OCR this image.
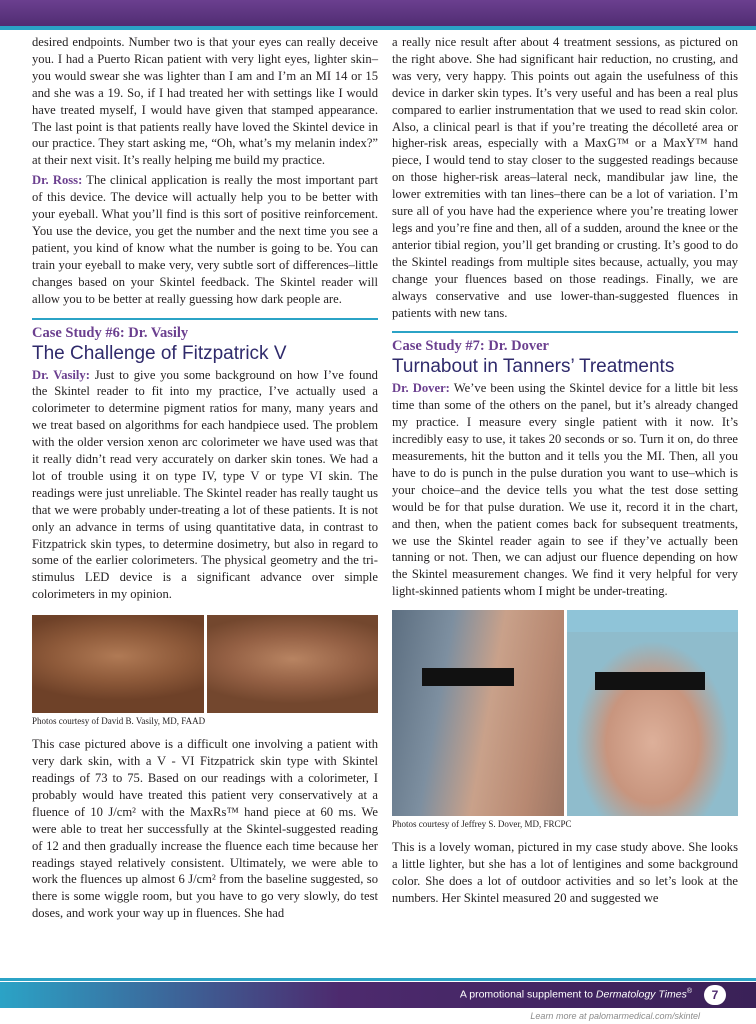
desired endpoints. Number two is that your eyes can really deceive you. I had a Puerto Rican patient with very light eyes, lighter skin–you would swear she was lighter than I am and I’m an MI 14 or 15 and she was a 19. So, if I had treated her with settings like I would have treated myself, I would have given that stamped appearance. The last point is that patients really have loved the Skintel device in our practice. They start asking me, “Oh, what’s my melanin index?” at their next visit. It’s really helping me build my practice.

Dr. Ross: The clinical application is really the most important part of this device. The device will actually help you to be better with your eyeball. What you’ll find is this sort of positive reinforcement. You use the device, you get the number and the next time you see a patient, you kind of know what the number is going to be. You can train your eyeball to make very, very subtle sort of differences–little changes based on your Skintel feedback. The Skintel reader will allow you to be better at really guessing how dark people are.

Case Study #6: Dr. Vasily
The Challenge of Fitzpatrick V

Dr. Vasily: Just to give you some background on how I’ve found the Skintel reader to fit into my practice, I’ve actually used a colorimeter to determine pigment ratios for many, many years and we treat based on algorithms for each handpiece used. The problem with the older version xenon arc colorimeter we have used was that it really didn’t read very accurately on darker skin tones. We had a lot of trouble using it on type IV, type V or type VI skin. The readings were just unreliable. The Skintel reader has really taught us that we were probably under-treating a lot of these patients. It is not only an advance in terms of using quantitative data, in contrast to Fitzpatrick skin types, to determine dosimetry, but also in regard to some of the earlier colorimeters. The physical geometry and the tri-stimulus LED device is a significant advance over simple colorimeters in my opinion.

Photos courtesy of David B. Vasily, MD, FAAD

This case pictured above is a difficult one involving a patient with very dark skin, with a V - VI Fitzpatrick skin type with Skintel readings of 73 to 75. Based on our readings with a colorimeter, I probably would have treated this patient very conservatively at a fluence of 10 J/cm² with the MaxRs™ hand piece at 60 ms. We were able to treat her successfully at the Skintel-suggested reading of 12 and then gradually increase the fluence each time because her readings stayed relatively consistent. Ultimately, we were able to work the fluences up almost 6 J/cm² from the baseline suggested, so there is some wiggle room, but you have to go very slowly, do test doses, and work your way up in fluences. She had

a really nice result after about 4 treatment sessions, as pictured on the right above. She had significant hair reduction, no crusting, and was very, very happy. This points out again the usefulness of this device in darker skin types. It’s very useful and has been a real plus compared to earlier instrumentation that we used to read skin color. Also, a clinical pearl is that if you’re treating the décolleté area or higher-risk areas, especially with a MaxG™ or a MaxY™ hand piece, I would tend to stay closer to the suggested readings because on those higher-risk areas–lateral neck, mandibular jaw line, the lower extremities with tan lines–there can be a lot of variation. I’m sure all of you have had the experience where you’re treating lower legs and you’re fine and then, all of a sudden, around the knee or the anterior tibial region, you’ll get branding or crusting. It’s good to do the Skintel readings from multiple sites because, actually, you may change your fluences based on those readings. Finally, we are always conservative and use lower-than-suggested fluences in patients with new tans.

Case Study #7: Dr. Dover
Turnabout in Tanners’ Treatments

Dr. Dover: We’ve been using the Skintel device for a little bit less time than some of the others on the panel, but it’s already changed my practice. I measure every single patient with it now. It’s incredibly easy to use, it takes 20 seconds or so. Turn it on, do three measurements, hit the button and it tells you the MI. Then, all you have to do is punch in the pulse duration you want to use–which is your choice–and the device tells you what the test dose setting would be for that pulse duration. We use it, record it in the chart, and then, when the patient comes back for subsequent treatments, we use the Skintel reader again to see if they’ve actually been tanning or not. Then, we can adjust our fluence depending on how the Skintel measurement changes. We find it very helpful for very light-skinned patients whom I might be under-treating.

Photos courtesy of Jeffrey S. Dover, MD, FRCPC

This is a lovely woman, pictured in my case study above. She looks a little lighter, but she has a lot of lentigines and some background color. She does a lot of outdoor activities and so let’s look at the numbers. Her Skintel measured 20 and suggested we

A promotional supplement to Dermatology Times®	7
Learn more at palomarmedical.com/skintel
